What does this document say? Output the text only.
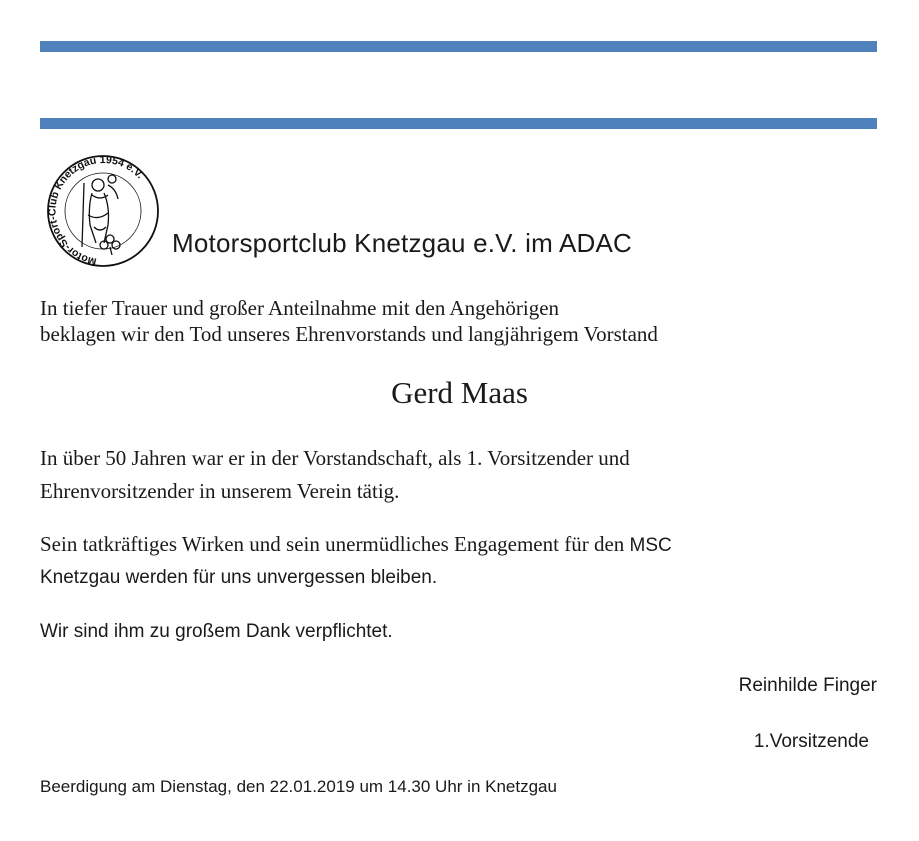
Motor-Sport-Club Knetzgau 1954 e.V.
Motorsportclub Knetzgau e.V. im ADAC
In tiefer Trauer und großer Anteilnahme mit den Angehörigen
beklagen wir den Tod unseres Ehrenvorstands und langjährigem Vorstand
Gerd Maas
In über 50 Jahren war er in der Vorstandschaft, als 1. Vorsitzender und
Ehrenvorsitzender in unserem Verein tätig.
Sein tatkräftiges Wirken und sein unermüdliches Engagement für den MSC
Knetzgau werden für uns unvergessen bleiben.
Wir sind ihm zu großem Dank verpflichtet.
Reinhilde Finger
1.Vorsitzende
Beerdigung am Dienstag, den 22.01.2019 um 14.30 Uhr in Knetzgau
